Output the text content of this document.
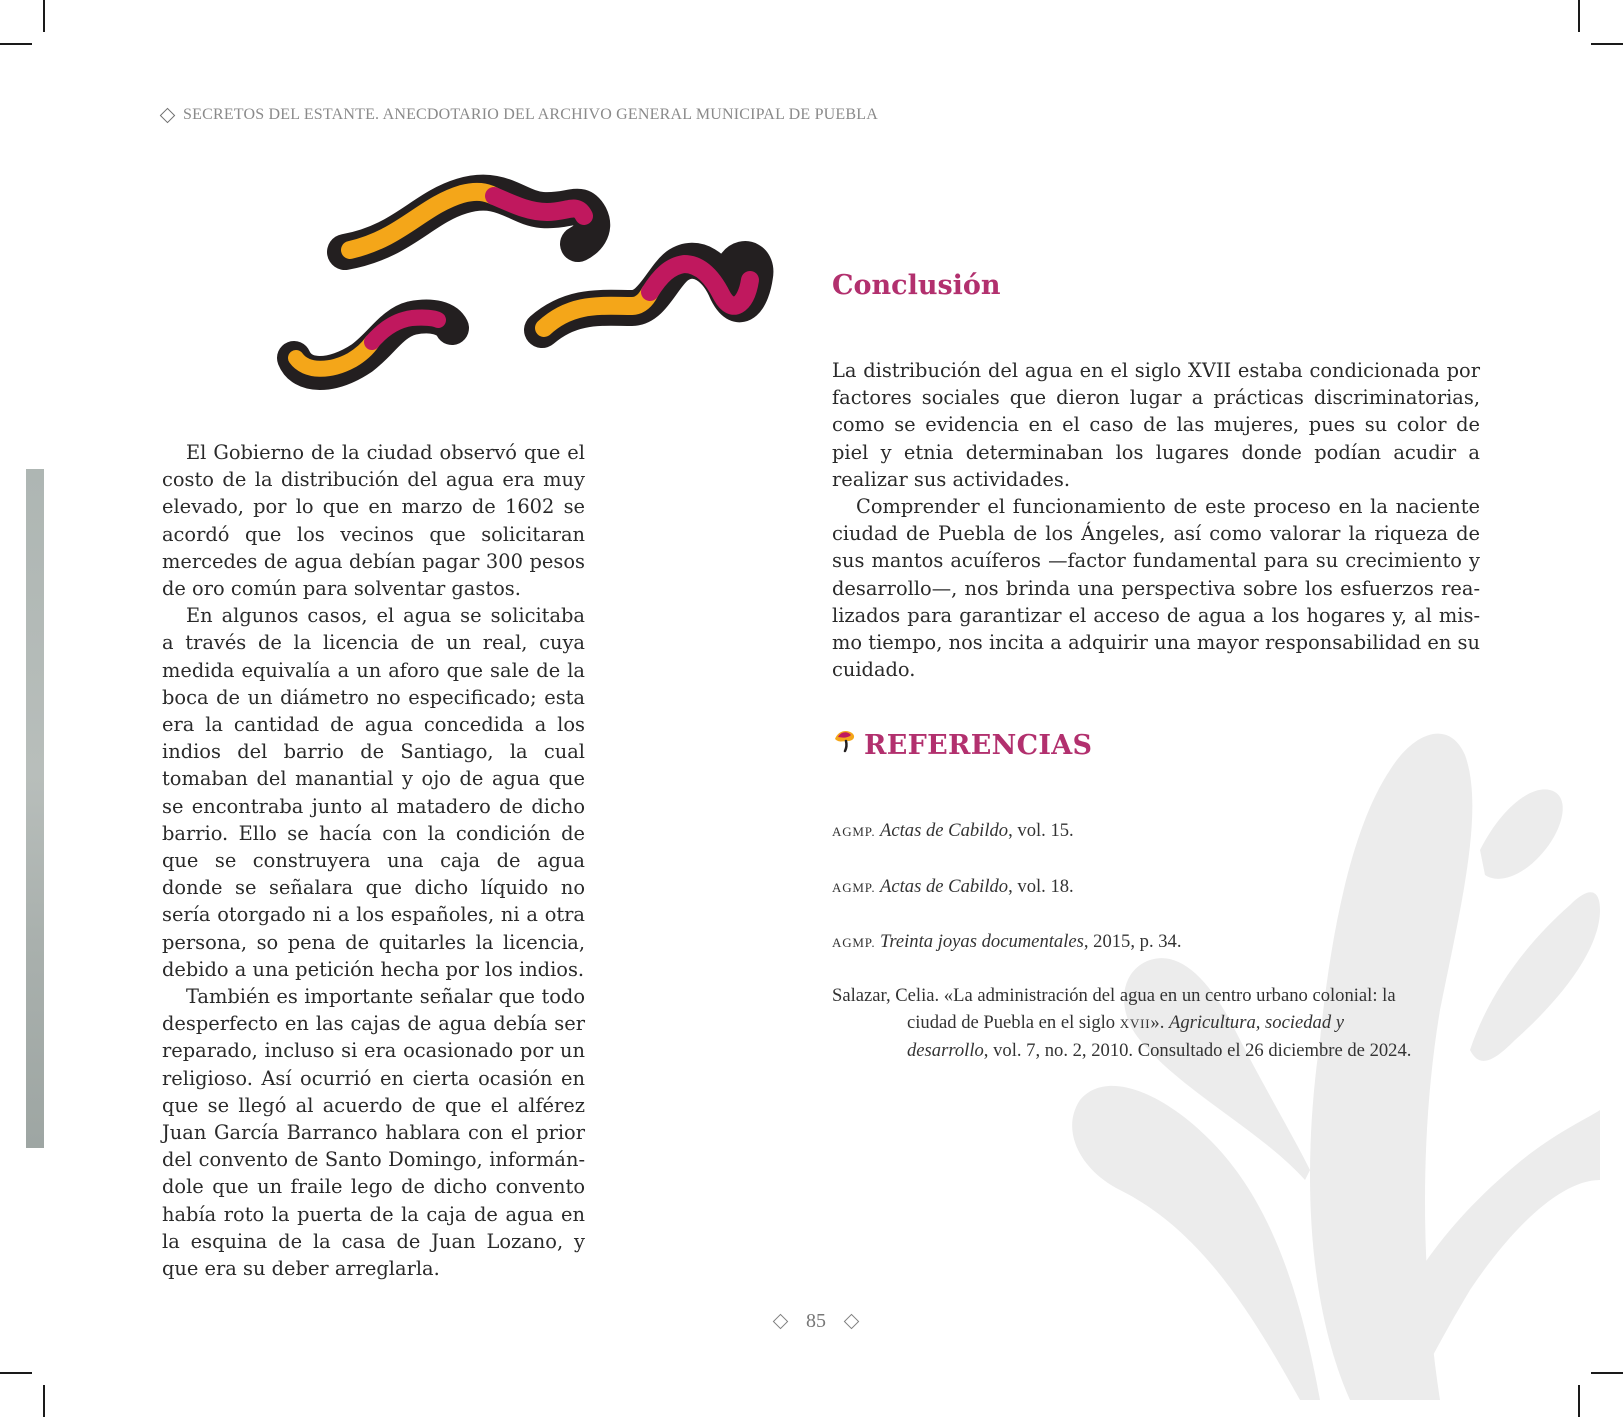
SECRETOS DEL ESTANTE. ANECDOTARIO DEL ARCHIVO GENERAL MUNICIPAL DE PUEBLA

El Gobierno de la ciudad observó que el costo de la distribución del agua era muy elevado, por lo que en marzo de 1602 se acordó que los vecinos que solicitaran mercedes de agua debían pagar 300 pesos de oro común para solventar gastos.

En algunos casos, el agua se solicitaba a través de la licencia de un real, cuya medida equivalía a un aforo que sale de la boca de un diámetro no especificado; esta era la cantidad de agua concedida a los indios del barrio de Santiago, la cual tomaban del manantial y ojo de agua que se encontraba junto al matadero de dicho barrio. Ello se hacía con la condición de que se construyera una caja de agua donde se señalara que dicho líquido no sería otorgado ni a los españoles, ni a otra persona, so pena de quitarles la licencia, debido a una petición hecha por los indios.

También es importante señalar que todo desperfecto en las cajas de agua debía ser reparado, incluso si era ocasionado por un religioso. Así ocurrió en cierta ocasión en que se llegó al acuerdo de que el alférez Juan García Barranco hablara con el prior del convento de Santo Domingo, informándole que un fraile lego de dicho convento había roto la puerta de la caja de agua en la esquina de la casa de Juan Lozano, y que era su deber arreglarla.

Conclusión

La distribución del agua en el siglo XVII estaba condicionada por factores sociales que dieron lugar a prácticas discriminatorias, como se evidencia en el caso de las mujeres, pues su color de piel y etnia determinaban los lugares donde podían acudir a realizar sus actividades.

Comprender el funcionamiento de este proceso en la naciente ciudad de Puebla de los Ángeles, así como valorar la riqueza de sus mantos acuíferos —factor fundamental para su crecimiento y desarrollo—, nos brinda una perspectiva sobre los esfuerzos realizados para garantizar el acceso de agua a los hogares y, al mismo tiempo, nos incita a adquirir una mayor responsabilidad en su cuidado.

REFERENCIAS
AGMP. Actas de Cabildo, vol. 15.
AGMP. Actas de Cabildo, vol. 18.
AGMP. Treinta joyas documentales, 2015, p. 34.
Salazar, Celia. «La administración del agua en un centro urbano colonial: la ciudad de Puebla en el siglo XVII». Agricultura, sociedad y desarrollo, vol. 7, no. 2, 2010. Consultado el 26 diciembre de 2024.
85
